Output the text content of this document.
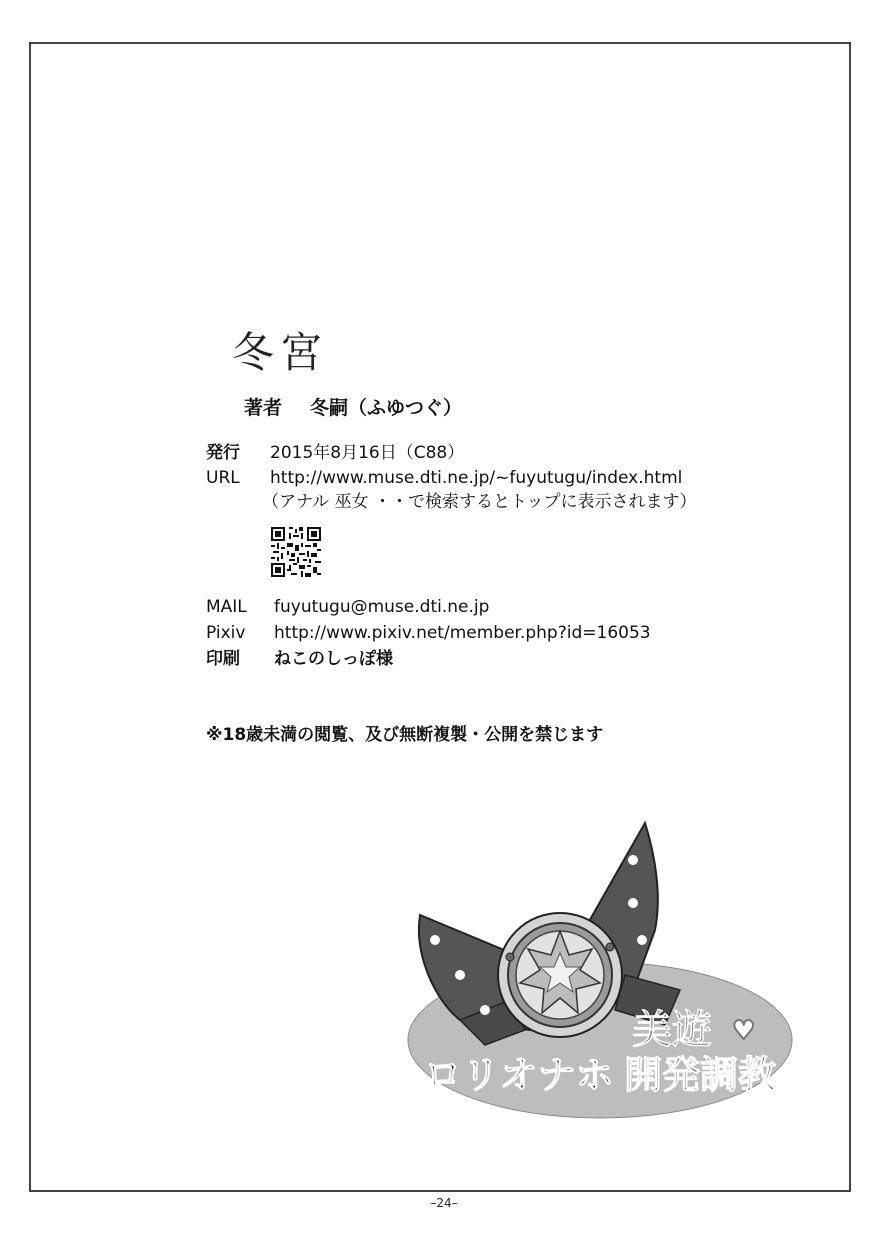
冬宮
著者 冬嗣（ふゆつぐ）
発行 2015年8月16日（C88）
URL http://www.muse.dti.ne.jp/~fuyutugu/index.html
（アナル 巫女 ・・で検索するとトップに表示されます）
MAIL fuyutugu@muse.dti.ne.jp
Pixiv http://www.pixiv.net/member.php?id=16053
印刷 ねこのしっぽ様
※18歳未満の閲覧、及び無断複製・公開を禁じます
美遊 ♥
ロリオナホ 開発調教
–24–
